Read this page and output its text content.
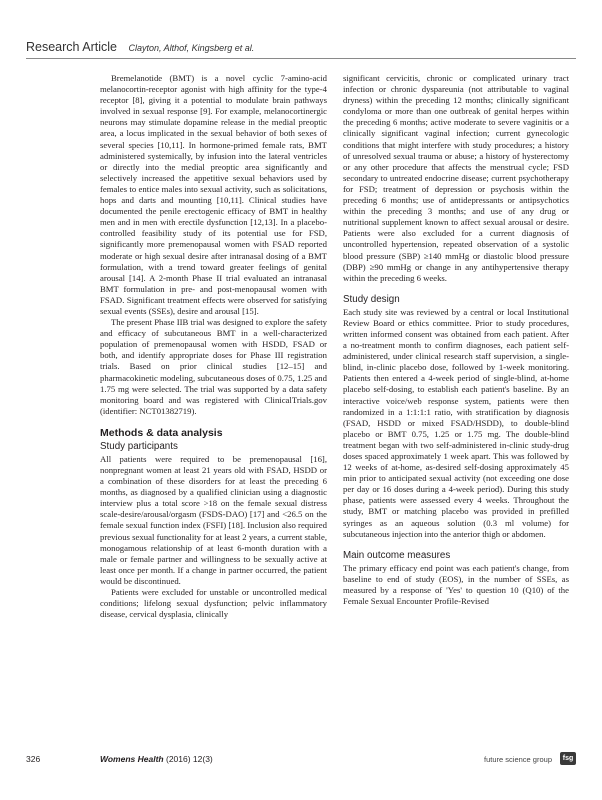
Research Article Clayton, Althof, Kingsberg et al.

Bremelanotide (BMT) is a novel cyclic 7-amino-acid melanocortin-receptor agonist with high affinity for the type-4 receptor [8], giving it a potential to modulate brain pathways involved in sexual response [9]. For example, melanocortinergic neurons may stimulate dopamine release in the medial preoptic area, a locus implicated in the sexual behavior of both sexes of several species [10,11]. In hormone-primed female rats, BMT administered systemically, by infusion into the lateral ventricles or directly into the medial preoptic area significantly and selectively increased the appetitive sexual behaviors used by females to entice males into sexual activity, such as solicitations, hops and darts and mounting [10,11]. Clinical studies have documented the penile erectogenic efficacy of BMT in healthy men and in men with erectile dysfunction [12,13]. In a placebo-controlled feasibility study of its potential use for FSD, significantly more premenopausal women with FSAD reported moderate or high sexual desire after intranasal dosing of a BMT formulation, with a trend toward greater feelings of genital arousal [14]. A 2-month Phase II trial evaluated an intranasal BMT formulation in pre- and post-menopausal women with FSAD. Significant treatment effects were observed for satisfying sexual events (SSEs), desire and arousal [15].

The present Phase IIB trial was designed to explore the safety and efficacy of subcutaneous BMT in a well-characterized population of premenopausal women with HSDD, FSAD or both, and identify appropriate doses for Phase III registration trials. Based on prior clinical studies [12–15] and pharmacokinetic modeling, subcutaneous doses of 0.75, 1.25 and 1.75 mg were selected. The trial was supported by a data safety monitoring board and was registered with ClinicalTrials.gov (identifier: NCT01382719).

Methods & data analysis
Study participants

All patients were required to be premenopausal [16], nonpregnant women at least 21 years old with FSAD, HSDD or a combination of these disorders for at least the preceding 6 months, as diagnosed by a qualified clinician using a diagnostic interview plus a total score >18 on the female sexual distress scale-desire/arousal/orgasm (FSDS-DAO) [17] and <26.5 on the female sexual function index (FSFI) [18]. Inclusion also required previous sexual functionality for at least 2 years, a current stable, monogamous relationship of at least 6-month duration with a male or female partner and willingness to be sexually active at least once per month. If a change in partner occurred, the patient would be discontinued.

Patients were excluded for unstable or uncontrolled medical conditions; lifelong sexual dysfunction; pelvic inflammatory disease, cervical dysplasia, clinically

significant cervicitis, chronic or complicated urinary tract infection or chronic dyspareunia (not attributable to vaginal dryness) within the preceding 12 months; clinically significant condyloma or more than one outbreak of genital herpes within the preceding 6 months; active moderate to severe vaginitis or a clinically significant vaginal infection; current gynecologic conditions that might interfere with study procedures; a history of unresolved sexual trauma or abuse; a history of hysterectomy or any other procedure that affects the menstrual cycle; FSD secondary to untreated endocrine disease; current psychotherapy for FSD; treatment of depression or psychosis within the preceding 6 months; use of antidepressants or antipsychotics within the preceding 3 months; and use of any drug or nutritional supplement known to affect sexual arousal or desire. Patients were also excluded for a current diagnosis of uncontrolled hypertension, repeated observation of a systolic blood pressure (SBP) ≥140 mmHg or diastolic blood pressure (DBP) ≥90 mmHg or change in any antihypertensive therapy within the preceding 6 weeks.

Study design

Each study site was reviewed by a central or local Institutional Review Board or ethics committee. Prior to study procedures, written informed consent was obtained from each patient. After a no-treatment month to confirm diagnoses, each patient self-administered, under clinical research staff supervision, a single-blind, in-clinic placebo dose, followed by 1-week monitoring. Patients then entered a 4-week period of single-blind, at-home placebo self-dosing, to establish each patient's baseline. By an interactive voice/web response system, patients were then randomized in a 1:1:1:1 ratio, with stratification by diagnosis (FSAD, HSDD or mixed FSAD/HSDD), to double-blind placebo or BMT 0.75, 1.25 or 1.75 mg. The double-blind treatment began with two self-administered in-clinic study-drug doses spaced approximately 1 week apart. This was followed by 12 weeks of at-home, as-desired self-dosing approximately 45 min prior to anticipated sexual activity (not exceeding one dose per day or 16 doses during a 4-week period). During this study phase, patients were assessed every 4 weeks. Throughout the study, BMT or matching placebo was provided in prefilled syringes as an aqueous solution (0.3 ml volume) for subcutaneous injection into the anterior thigh or abdomen.

Main outcome measures

The primary efficacy end point was each patient's change, from baseline to end of study (EOS), in the number of SSEs, as measured by a response of 'Yes' to question 10 (Q10) of the Female Sexual Encounter Profile-Revised

326	Womens Health (2016) 12(3)	future science group	fsg
